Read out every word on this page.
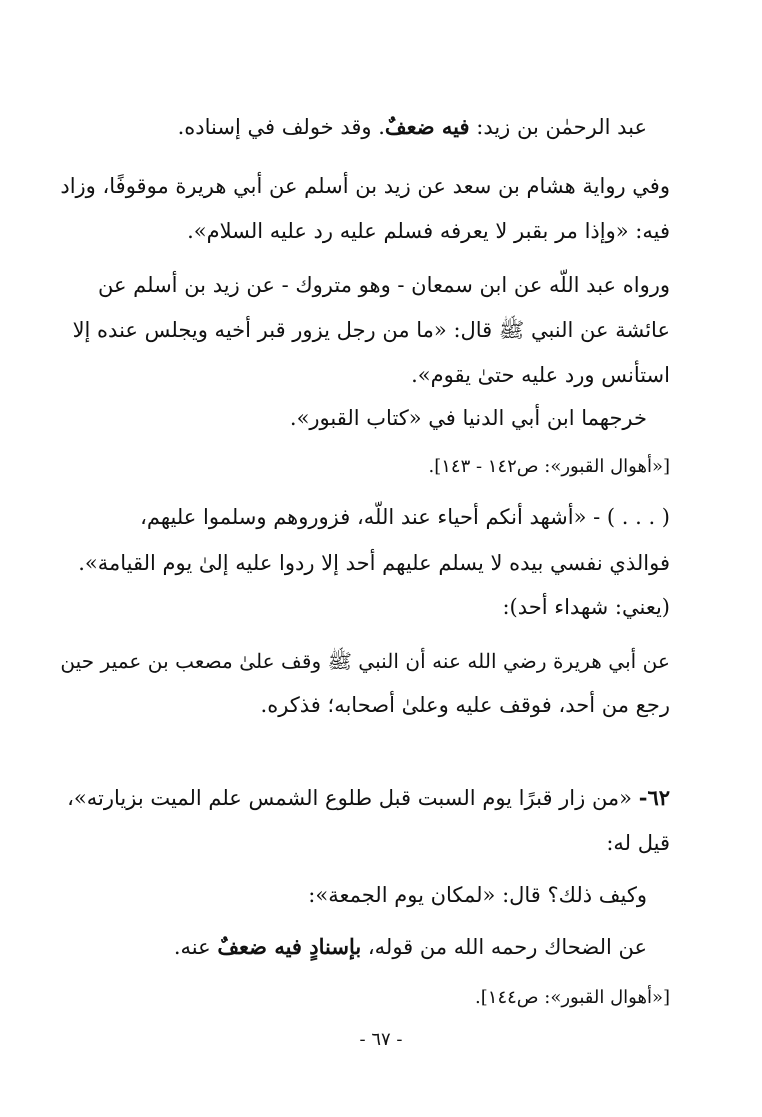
عبد الرحمٰن بن زيد: فيه ضعفٌ. وقد خولف في إسناده.
وفي رواية هشام بن سعد عن زيد بن أسلم عن أبي هريرة موقوفًا، وزاد
فيه: «وإذا مر بقبر لا يعرفه فسلم عليه رد عليه السلام».
ورواه عبد اللّه عن ابن سمعان - وهو متروك - عن زيد بن أسلم عن
عائشة عن النبي ﷺ قال: «ما من رجل يزور قبر أخيه ويجلس عنده إلا
استأنس ورد عليه حتىٰ يقوم».
خرجهما ابن أبي الدنيا في «كتاب القبور».
[«أهوال القبور»: ص١٤٢ - ١٤٣].
( . . . ) - «أشهد أنكم أحياء عند اللّه، فزوروهم وسلموا عليهم،
فوالذي نفسي بيده لا يسلم عليهم أحد إلا ردوا عليه إلىٰ يوم القيامة».
(يعني: شهداء أحد):
عن أبي هريرة رضي الله عنه أن النبي ﷺ وقف علىٰ مصعب بن عمير حين
رجع من أحد، فوقف عليه وعلىٰ أصحابه؛ فذكره.
٦٢- «من زار قبرًا يوم السبت قبل طلوع الشمس علم الميت بزيارته»،
قيل له:
وكيف ذلك؟ قال: «لمكان يوم الجمعة»:
عن الضحاك رحمه الله من قوله، بإسنادٍ فيه ضعفٌ عنه.
[«أهوال القبور»: ص١٤٤].
- ٦٧ -
